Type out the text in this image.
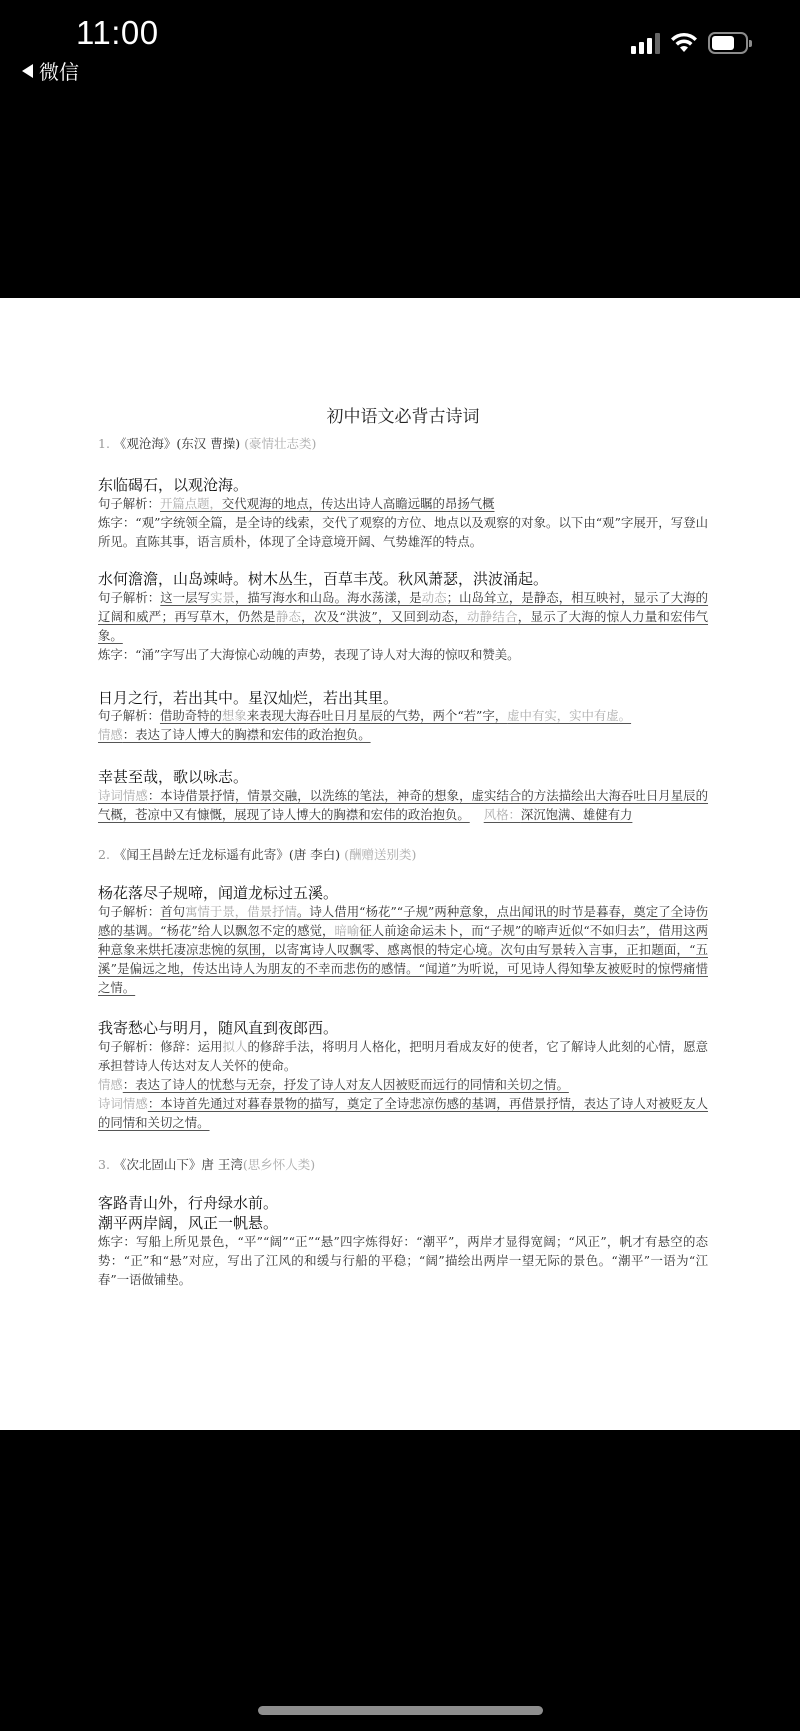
11:00
微信
初中语文必背古诗词
1. 《观沧海》(东汉 曹操) (豪情壮志类)
东临碣石，以观沧海。
句子解析：开篇点题，交代观海的地点，传达出诗人高瞻远瞩的昂扬气概
炼字：“观”字统领全篇，是全诗的线索，交代了观察的方位、地点以及观察的对象。以下由“观”字展开，写登山所见。直陈其事，语言质朴，体现了全诗意境开阔、气势雄浑的特点。
水何澹澹，山岛竦峙。树木丛生，百草丰茂。秋风萧瑟，洪波涌起。
句子解析：这一层写实景，描写海水和山岛。海水荡漾，是动态；山岛耸立，是静态，相互映衬，显示了大海的辽阔和威严；再写草木，仍然是静态，次及“洪波”，又回到动态，动静结合，显示了大海的惊人力量和宏伟气象。
炼字：“涌”字写出了大海惊心动魄的声势，表现了诗人对大海的惊叹和赞美。
日月之行，若出其中。星汉灿烂，若出其里。
句子解析：借助奇特的想象来表现大海吞吐日月星辰的气势，两个“若”字，虚中有实，实中有虚。
情感：表达了诗人博大的胸襟和宏伟的政治抱负。
幸甚至哉，歌以咏志。
诗词情感：本诗借景抒情，情景交融，以洗练的笔法，神奇的想象，虚实结合的方法描绘出大海吞吐日月星辰的气概，苍凉中又有慷慨，展现了诗人博大的胸襟和宏伟的政治抱负。 风格：深沉饱满、雄健有力
2. 《闻王昌龄左迁龙标遥有此寄》(唐 李白) (酬赠送别类)
杨花落尽子规啼，闻道龙标过五溪。
句子解析：首句寓情于景，借景抒情。诗人借用“杨花”“子规”两种意象，点出闻讯的时节是暮春，奠定了全诗伤感的基调。“杨花”给人以飘忽不定的感觉，暗喻征人前途命运未卜，而“子规”的啼声近似“不如归去”，借用这两种意象来烘托凄凉悲惋的氛围，以寄寓诗人叹飘零、感离恨的特定心境。次句由写景转入言事，正扣题面，“五溪”是偏远之地，传达出诗人为朋友的不幸而悲伤的感情。“闻道”为听说，可见诗人得知挚友被贬时的惊愕痛惜之情。
我寄愁心与明月，随风直到夜郎西。
句子解析：修辞：运用拟人的修辞手法，将明月人格化，把明月看成友好的使者，它了解诗人此刻的心情，愿意承担替诗人传达对友人关怀的使命。
情感：表达了诗人的忧愁与无奈，抒发了诗人对友人因被贬而远行的同情和关切之情。
诗词情感：本诗首先通过对暮春景物的描写，奠定了全诗悲凉伤感的基调，再借景抒情，表达了诗人对被贬友人的同情和关切之情。
3. 《次北固山下》唐 王湾(思乡怀人类)
客路青山外，行舟绿水前。
潮平两岸阔，风正一帆悬。
炼字：写船上所见景色，“平”“阔”“正”“悬”四字炼得好：“潮平”，两岸才显得宽阔；“风正”，帆才有悬空的态势：“正”和“悬”对应，写出了江风的和缓与行船的平稳；“阔”描绘出两岸一望无际的景色。“潮平”一语为“江春”一语做铺垫。
